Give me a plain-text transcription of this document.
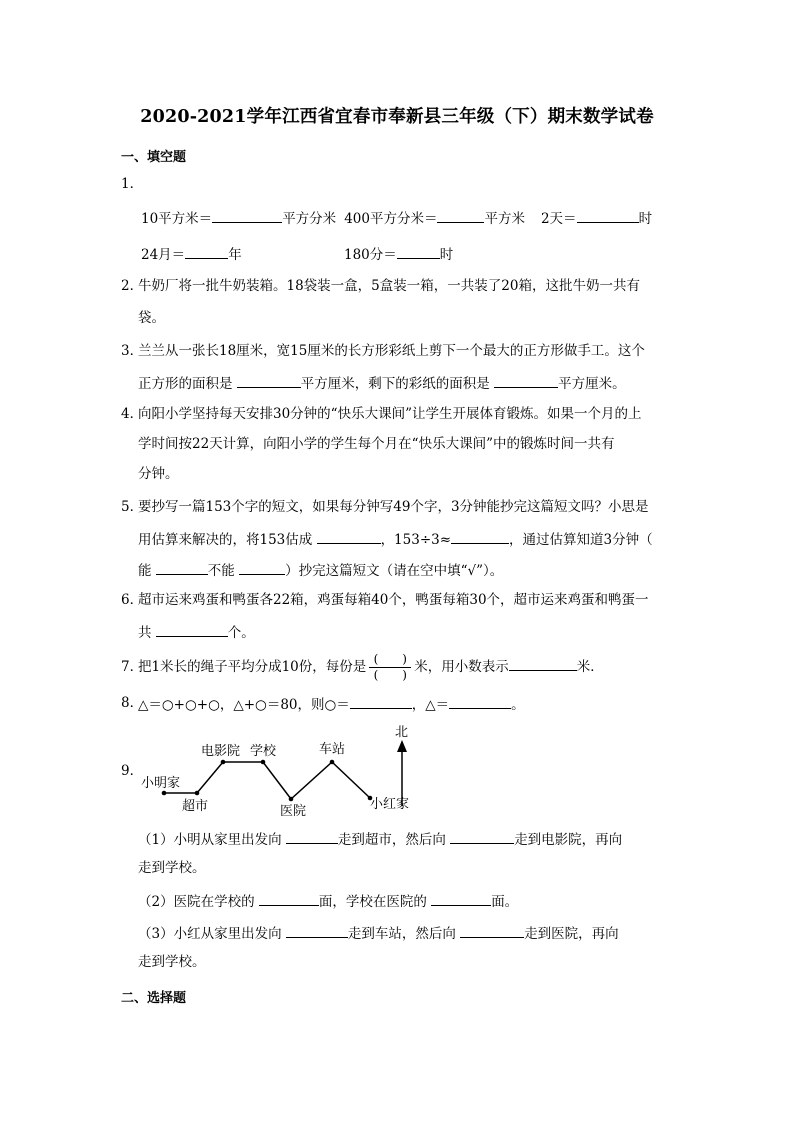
2020-2021学年江西省宜春市奉新县三年级（下）期末数学试卷
一、填空题
1．
10平方米＝	平方分米 400平方分米＝	平方米 2天＝	时
24月＝	年	180分＝	时
2．
牛奶厂将一批牛奶装箱。18袋装一盒，5盒装一箱，一共装了20箱，这批牛奶一共有
袋。
3．
兰兰从一张长18厘米，宽15厘米的长方形彩纸上剪下一个最大的正方形做手工。这个
正方形的面积是	平方厘米，剩下的彩纸的面积是	平方厘米。
4．
向阳小学坚持每天安排30分钟的“快乐大课间”让学生开展体育锻炼。如果一个月的上
学时间按22天计算，向阳小学的学生每个月在“快乐大课间”中的锻炼时间一共有
分钟。
5．
要抄写一篇153个字的短文，如果每分钟写49个字，3分钟能抄完这篇短文吗？小思是
用估算来解决的，将153估成	，153÷3≈	，通过估算知道3分钟（
能	不能	）抄完这篇短文（请在空中填“√”）。
6．
超市运来鸡蛋和鸭蛋各22箱，鸡蛋每箱40个，鸭蛋每箱30个，超市运来鸡蛋和鸭蛋一
共	个。
7．
把1米长的绳子平均分成10份，每份是 $\frac{( )}{( )}$ 米，用小数表示	米．
8．
△＝○+○+○，△+○＝80，则○＝	，△＝	。
9．
北
小明家
超市
电影院 学校
医院
车站
小红家
（1）小明从家里出发向	走到超市，然后向	走到电影院，再向
走到学校。
（2）医院在学校的	面，学校在医院的	面。
（3）小红从家里出发向	走到车站，然后向	走到医院，再向
走到学校。
二、选择题
